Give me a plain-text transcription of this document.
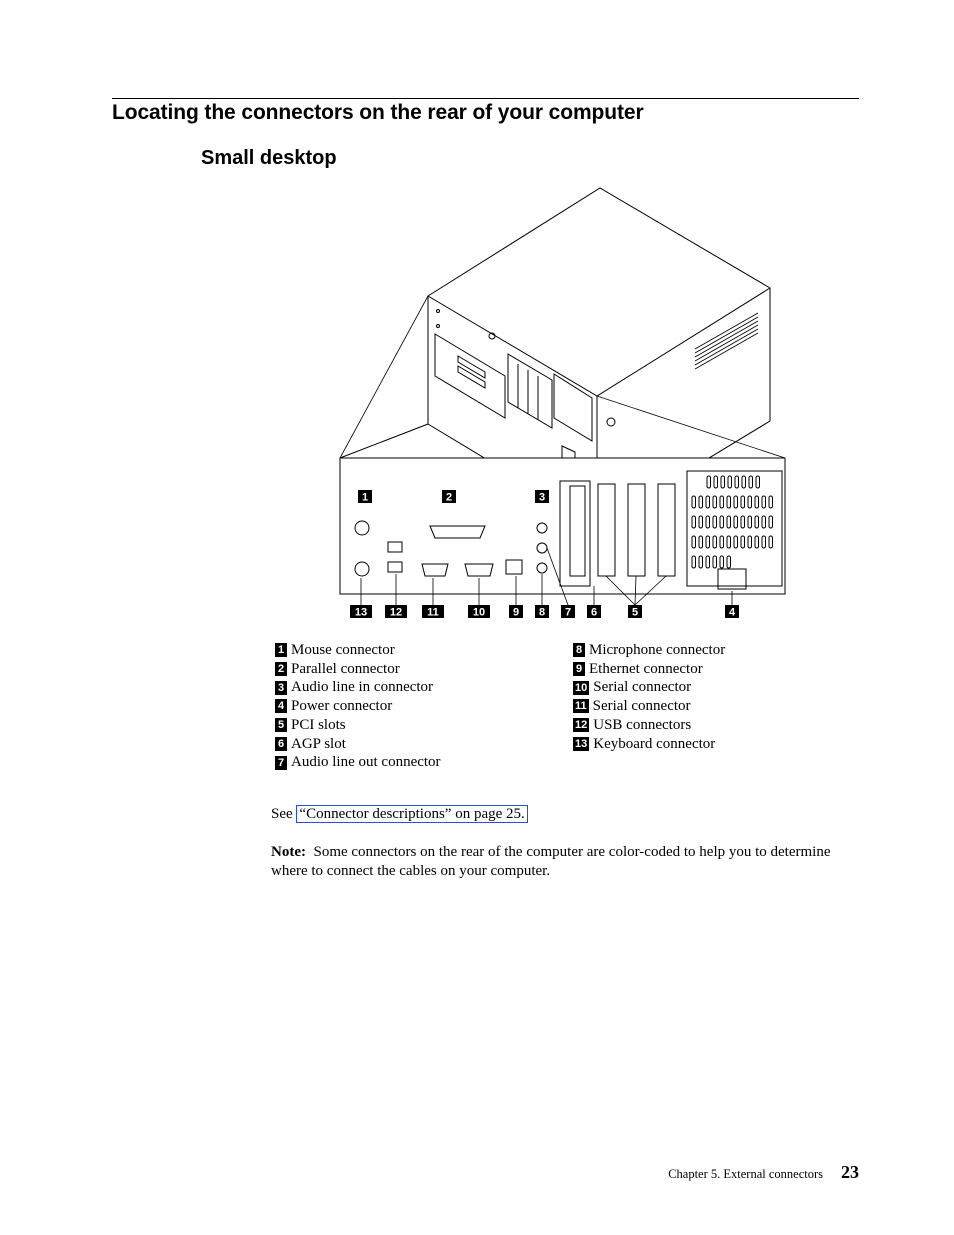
Locating the connectors on the rear of your computer
Small desktop
1	2	3
13 12 11	10	9 8 7 6	5	4
1 Mouse connector
2 Parallel connector
3 Audio line in connector
4 Power connector
5 PCI slots
6 AGP slot
7 Audio line out connector
8 Microphone connector
9 Ethernet connector
10 Serial connector
11 Serial connector
12 USB connectors
13 Keyboard connector
See “Connector descriptions” on page 25.
Note: Some connectors on the rear of the computer are color-coded to help you to determine where to connect the cables on your computer.
Chapter 5. External connectors 23
